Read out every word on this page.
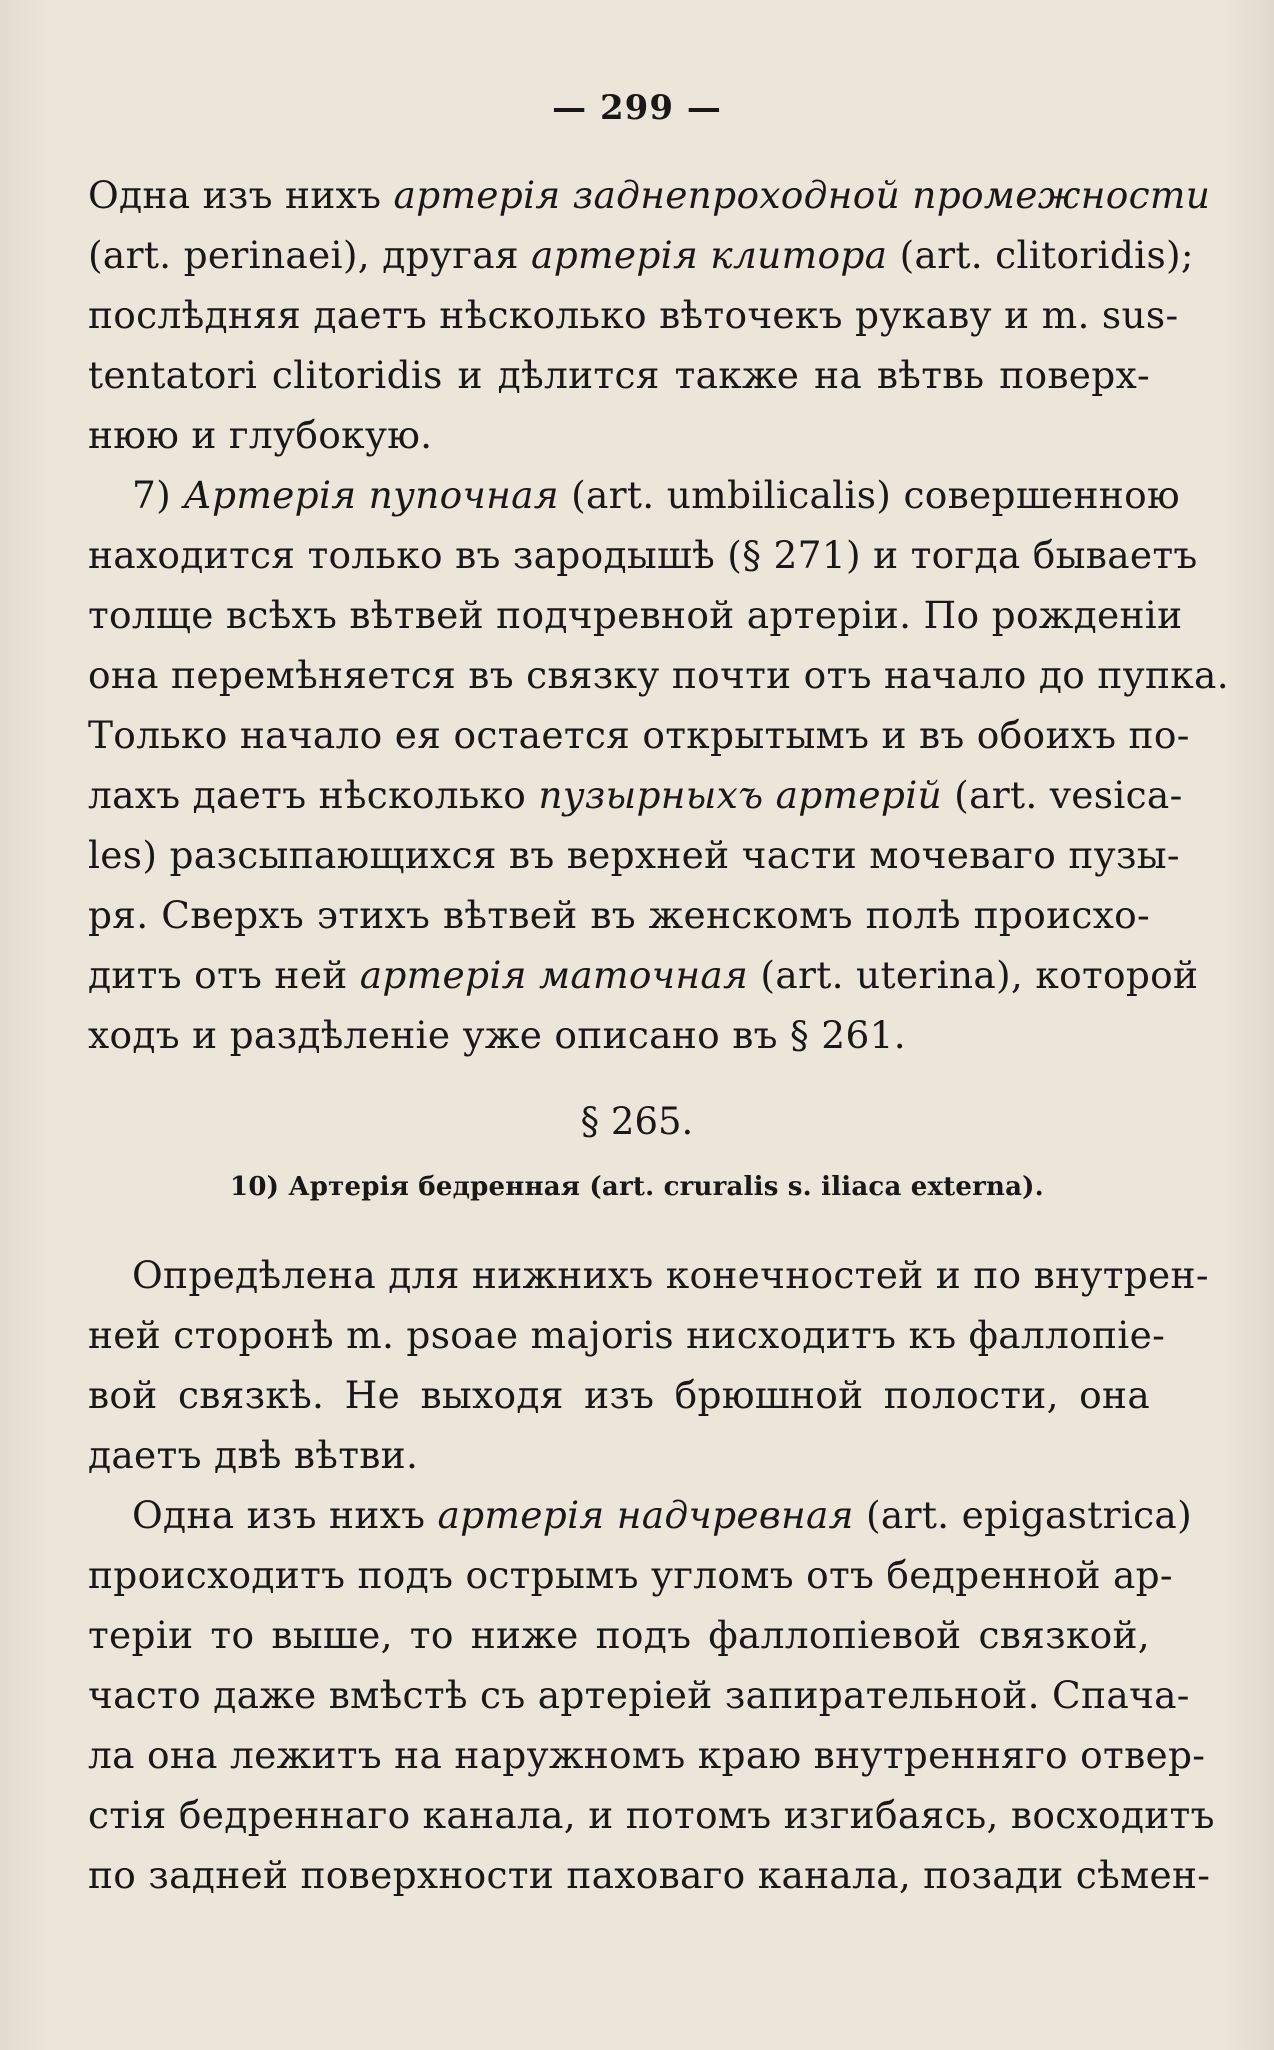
— 299 —
Одна изъ нихъ артерія заднепроходной промежности
(art. perinaei), другая артерія клитора (art. clitoridis);
послѣдняя даетъ нѣсколько вѣточекъ рукаву и m. sus-
tentatori clitoridis и дѣлится также на вѣтвь поверх-
нюю и глубокую.
7) Артерія пупочная (art. umbilicalis) совершенною
находится только въ зародышѣ (§ 271) и тогда бываетъ
толще всѣхъ вѣтвей подчревной артеріи. По рожденіи
она перемѣняется въ связку почти отъ начало до пупка.
Только начало ея остается открытымъ и въ обоихъ по-
лахъ даетъ нѣсколько пузырныхъ артерій (art. vesica-
les) разсыпающихся въ верхней части мочеваго пузы-
ря. Сверхъ этихъ вѣтвей въ женскомъ полѣ происхо-
дитъ отъ ней артерія маточная (art. uterina), которой
ходъ и раздѣленіе уже описано въ § 261.
§ 265.
10) Артерія бедренная (art. cruralis s. iliaca externa).
Опредѣлена для нижнихъ конечностей и по внутрен-
ней сторонѣ m. psoae majoris нисходитъ къ фаллопіе-
вой связкѣ. Не выходя изъ брюшной полости, она
даетъ двѣ вѣтви.
Одна изъ нихъ артерія надчревная (art. epigastrica)
происходитъ подъ острымъ угломъ отъ бедренной ар-
теріи то выше, то ниже подъ фаллопіевой связкой,
часто даже вмѣстѣ съ артеріей запирательной. Спача-
ла она лежитъ на наружномъ краю внутренняго отвер-
стія бедреннаго канала, и потомъ изгибаясь, восходитъ
по задней поверхности паховаго канала, позади сѣмен-
